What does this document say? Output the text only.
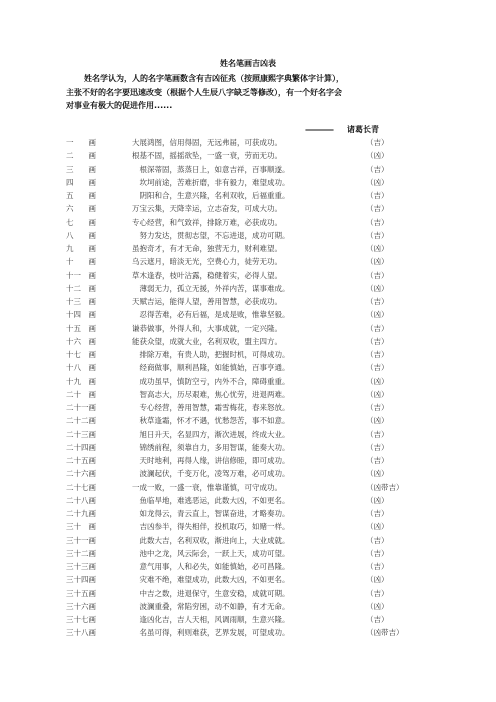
姓名笔画吉凶表

姓名学认为，人的名字笔画数含有吉凶征兆（按照康熙字典繁体字计算），

主张不好的名字要迅速改变（根据个人生辰八字缺乏等修改），有一个好名字会

对事业有极大的促进作用......

———— 诸葛长青
一　　画	大展鸿图，信用得固，无远弗届，可获成功。	（吉）
二　　画	根基不固，摇摇欲坠，一盛一衰，劳而无功。	（凶）
三　　画	　根深蒂固，蒸蒸日上，如意吉祥，百事顺遂。	（吉）
四　　画	　坎坷前途，苦难折磨，非有毅力，难望成功。	（凶）
五　　画	　阴阳和合，生意兴隆，名利双收，后福重重。	（吉）
六　　画	万宝云集，天降幸运，立志奋发，可成大功。	（吉）
七　　画	专心经营，和气致祥，排除万难，必获成功。	（吉）
八　　画	　努力发达，贯彻志望，不忘进退，成功可期。	（吉）
九　　画	虽抱奇才，有才无命，独营无力，财利难望。	（凶）
十　　画	乌云遮月，暗淡无光，空费心力，徒劳无功。	（凶）
十一　画	草木逢春，枝叶沾露，稳健着实，必得人望。	（吉）
十二　画	　薄弱无力，孤立无援，外祥内苦，谋事难成。	（凶）
十三　画	天赋吉运，能得人望，善用智慧，必获成功。	（吉）
十四　画	　忍得苦难，必有后福，是成是败，惟靠坚毅。	（凶）
十五　画	谦恭做事，外得人和，大事成就，一定兴隆。	（吉）
十六　画	能获众望，成就大业，名利双收，盟主四方。	（吉）
十七　画	　排除万难，有贵人助，把握时机，可得成功。	（吉）
十八　画	　经商做事，顺利昌隆，如能慎始，百事亨通。	（吉）
十九　画	　成功虽早，慎防空亏，内外不合，障碍重重。	（凶）
二十　画	　智高志大，历尽艰难，焦心忧劳，进退两难。	（凶）
二十一画	　专心经营，善用智慧，霜雪梅花，春来怒放。	（吉）
二十二画	　秋草逢霜，怀才不遇，忧愁怨苦，事不如意。	（凶）
二十三画	　旭日升天，名显四方，渐次进展，终成大业。	（吉）
二十四画	　锦绣前程，须靠自力，多用智谋，能奏大功。	（吉）
二十五画	　天时地利，再得人缘，讲信修睦，即可成功。	（吉）
二十六画	　波澜起伏，千变万化，凌驾万难，必可成功。	（凶）
二十七画	一成一败，一盛一衰，惟靠谨慎，可守成功。	（凶带吉）
二十八画	　鱼临旱地，难逃恶运，此数大凶，不如更名。	（凶）
二十九画	　如龙得云，青云直上，智谋奋进，才略奏功。	（吉）
三十　画	　吉凶参半，得失相伴，投机取巧，如赌一样。	（凶）
三十一画	　此数大吉，名利双收，渐进向上，大业成就。	（吉）
三十二画	　池中之龙，风云际会，一跃上天，成功可望。	（吉）
三十三画	　意气用事，人和必失，如能慎始，必可昌隆。	（吉）
三十四画	　灾难不绝，难望成功，此数大凶，不如更名。	（凶）
三十五画	　中吉之数，进退保守，生意安稳，成就可期。	（吉）
三十六画	　波澜重叠，常陷穷困，动不如静，有才无命。	（凶）
三十七画	　逢凶化吉，吉人天相，风调雨顺，生意兴隆。	（吉）
三十八画	　名虽可得，利则难获，艺界发展，可望成功。	（凶带吉）
